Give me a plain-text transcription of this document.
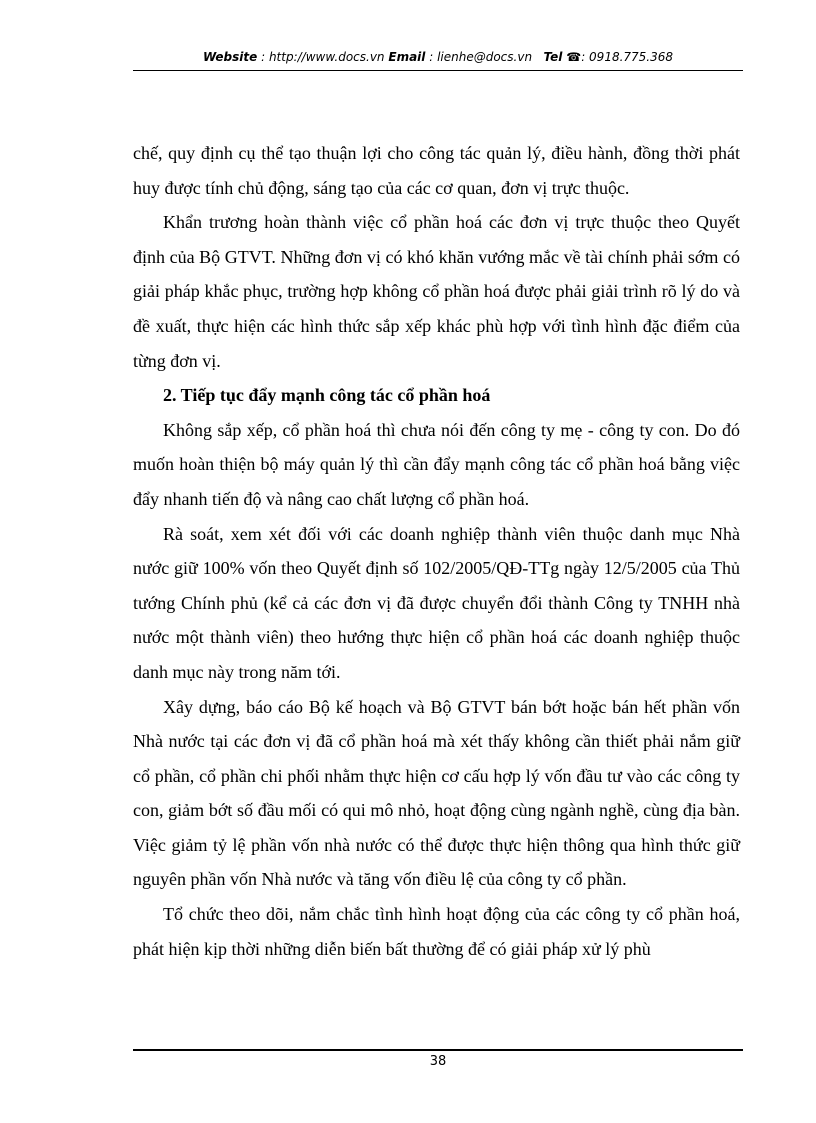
Website : http://www.docs.vn Email : lienhe@docs.vn Tel ☎: 0918.775.368

chế, quy định cụ thể tạo thuận lợi cho công tác quản lý, điều hành, đồng thời phát huy được tính chủ động, sáng tạo của các cơ quan, đơn vị trực thuộc.

Khẩn trương hoàn thành việc cổ phần hoá các đơn vị trực thuộc theo Quyết định của Bộ GTVT. Những đơn vị có khó khăn vướng mắc về tài chính phải sớm có giải pháp khắc phục, trường hợp không cổ phần hoá được phải giải trình rõ lý do và đề xuất, thực hiện các hình thức sắp xếp khác phù hợp với tình hình đặc điểm của từng đơn vị.

2. Tiếp tục đẩy mạnh công tác cổ phần hoá

Không sắp xếp, cổ phần hoá thì chưa nói đến công ty mẹ - công ty con. Do đó muốn hoàn thiện bộ máy quản lý thì cần đẩy mạnh công tác cổ phần hoá bằng việc đẩy nhanh tiến độ và nâng cao chất lượng cổ phần hoá.

Rà soát, xem xét đối với các doanh nghiệp thành viên thuộc danh mục Nhà nước giữ 100% vốn theo Quyết định số 102/2005/QĐ-TTg ngày 12/5/2005 của Thủ tướng Chính phủ (kể cả các đơn vị đã được chuyển đổi thành Công ty TNHH nhà nước một thành viên) theo hướng thực hiện cổ phần hoá các doanh nghiệp thuộc danh mục này trong năm tới.

Xây dựng, báo cáo Bộ kế hoạch và Bộ GTVT bán bớt hoặc bán hết phần vốn Nhà nước tại các đơn vị đã cổ phần hoá mà xét thấy không cần thiết phải nắm giữ cổ phần, cổ phần chi phối nhằm thực hiện cơ cấu hợp lý vốn đầu tư vào các công ty con, giảm bớt số đầu mối có qui mô nhỏ, hoạt động cùng ngành nghề, cùng địa bàn. Việc giảm tỷ lệ phần vốn nhà nước có thể được thực hiện thông qua hình thức giữ nguyên phần vốn Nhà nước và tăng vốn điều lệ của công ty cổ phần.

Tổ chức theo dõi, nắm chắc tình hình hoạt động của các công ty cổ phần hoá, phát hiện kịp thời những diễn biến bất thường để có giải pháp xử lý phù

38
